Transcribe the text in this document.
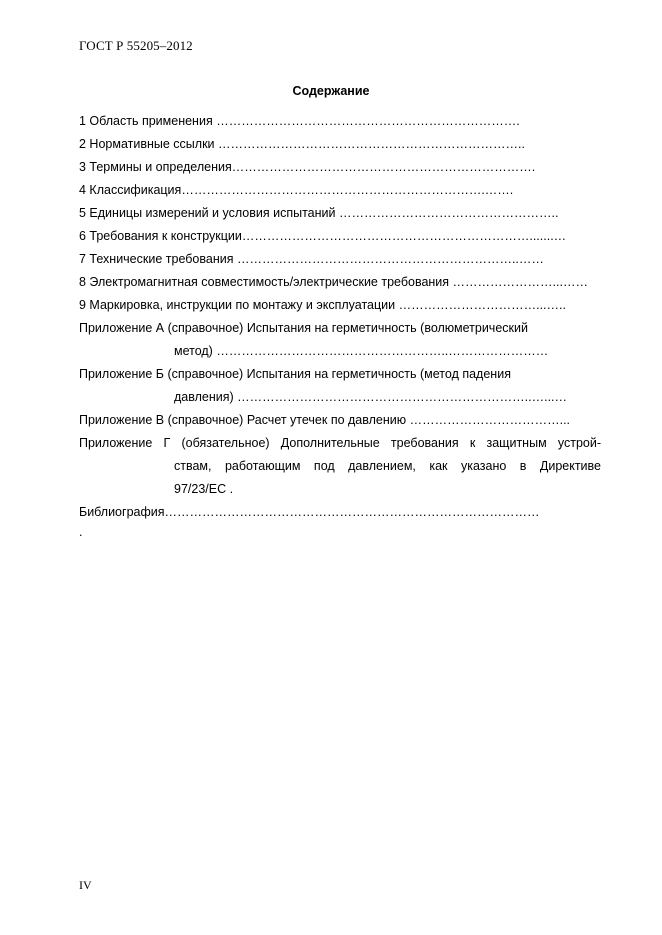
ГОСТ Р 55205–2012
Содержание
1 Область применения ……………………………………………………………….
2 Нормативные ссылки ………………………………………………………………..
3 Термины и определения……………………………………………………………….
4 Классификация……………………………………………………………….…….
5 Единицы измерений и условия испытаний ……………………………………………..
6 Требования к конструкции…………………………………………………………….......…
7 Технические требования …………………………………………………………..……
8 Электромагнитная совместимость/электрические требования ……………………...……
9 Маркировка, инструкции по монтажу и эксплуатации ……………………………...…..
Приложение А (справочное) Испытания на герметичность (волюметрический
метод) ………………………………………………..……………………
Приложение Б (справочное) Испытания на герметичность (метод падения
давления) ……………………………………………………………..…...…
Приложение В (справочное) Расчет утечек по давлению ………………………………...
Приложение Г (обязательное) Дополнительные требования к защитным устрой-
ствам, работающим под давлением, как указано в Директиве
97/23/ЕС .
Библиография………………………………………………………………………………
.
IV
